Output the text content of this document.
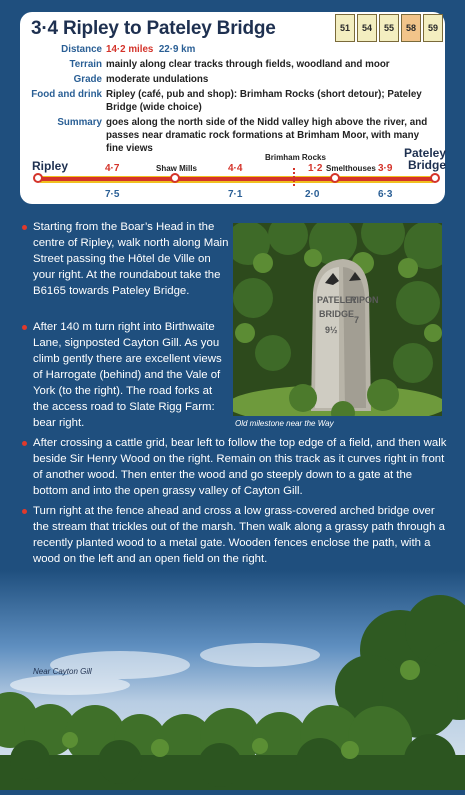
3·4 Ripley to Pateley Bridge	51	54	55	58	59
Distance 14·2 miles 22·9 km
Terrain mainly along clear tracks through fields, woodland and moor
Grade moderate undulations
Food and drink Ripley (café, pub and shop): Brimham Rocks (short detour); Pateley Bridge (wide choice)
Summary goes along the north side of the Nidd valley high above the river, and passes near dramatic rock formations at Brimham Moor, with many fine views
Ripley
Pateley
Bridge
Shaw Mills
Brimham Rocks
Smelthouses
4·7	4·4	1·2	3·9
7·5	7·1	2·0	6·3
PATELEY
BRIDGE
9½
RIPON
7
Old milestone near the Way
Starting from the Boar’s Head in the centre of Ripley, walk north along Main Street passing the Hôtel de Ville on your right. At the roundabout take the B6165 towards Pateley Bridge.
After 140 m turn right into Birthwaite Lane, signposted Cayton Gill. As you climb gently there are excellent views of Harrogate (behind) and the Vale of York (to the right). The road forks at the access road to Slate Rigg Farm: bear right.
After crossing a cattle grid, bear left to follow the top edge of a field, and then walk beside Sir Henry Wood on the right. Remain on this track as it curves right in front of another wood. Then enter the wood and go steeply down to a gate at the bottom and into the open grassy valley of Cayton Gill.
Turn right at the fence ahead and cross a low grass-covered arched bridge over the stream that trickles out of the marsh. Then walk along a grassy path through a recently planted wood to a metal gate. Wooden fences enclose the path, with a wood on the left and an open field on the right.
Near Cayton Gill
